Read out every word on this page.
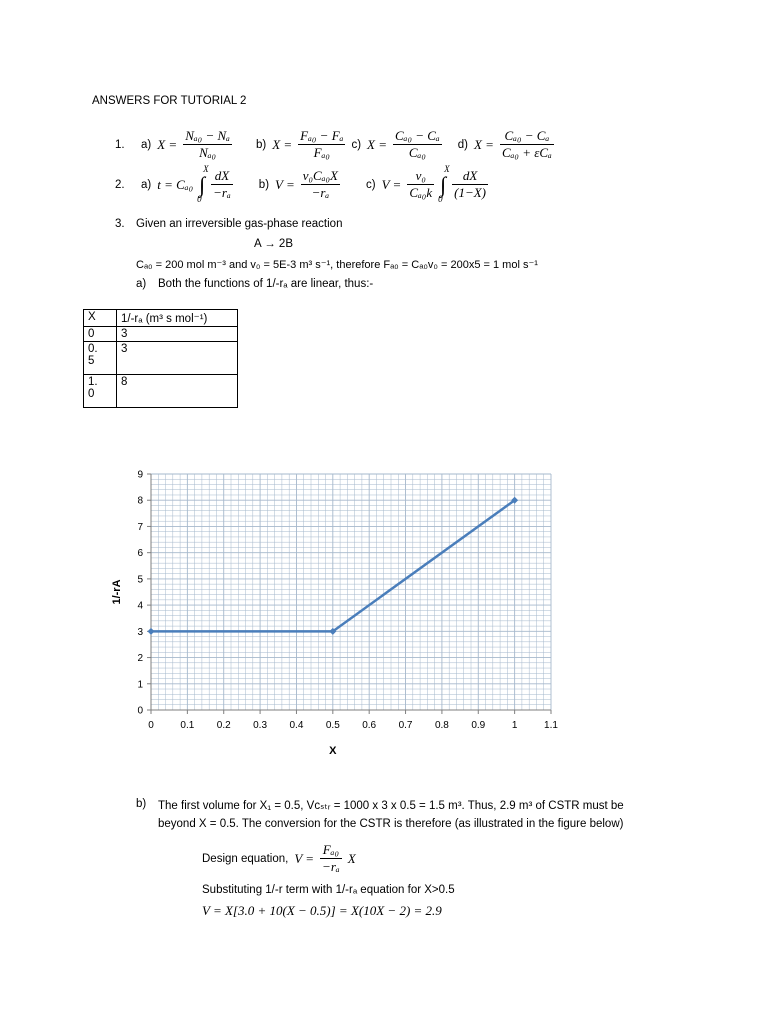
ANSWERS FOR TUTORIAL 2
1.	a) $X = \frac{\text{Nₐ₀ − Nₐ}}{\text{Nₐ₀}} b$) $X = \frac{\text{Fₐ₀ − Fₐ}}{\text{Fₐ₀}} c$) $X = \frac{\text{Cₐ₀ − Cₐ}}{\text{Cₐ₀}} d$) $X = \frac{\text{Cₐ₀ − Cₐ}}{\text{Cₐ₀ + εCₐ}}$
2.	a) t = Cₐ₀ ∫
X
$0 \frac{dX}{\text{−rₐ}} b$) $V = \frac{\text{v₀Cₐ₀X}}{\text{−rₐ}} c$) $V = \frac{\text{v₀}}{\text{Cₐ₀k}}$ ∫
X
$0 \frac{dX}{(1-X)}$
3. Given an irreversible gas-phase reaction
A → 2B
Cₐ₀ = 200 mol m⁻³ and v₀ = 5E-3 m³ s⁻¹, therefore Fₐ₀ = Cₐ₀v₀ = 200x5 = 1 mol s⁻¹
a) Both the functions of 1/-rₐ are linear, thus:-
X	1/-rₐ (m³ s mol⁻¹)
0	3
0.
5	3
1.
0	8
0	0.1 0.2 0.3 0.4 0.5 0.6 0.7 0.8 0.9	1	1.1
0
1
2
3
4
5
6
7
8
9
X
1/-rA
b) The first volume for X₁ = 0.5, Vᴄₛₜᵣ = 1000 x 3 x 0.5 = 1.5 m³. Thus, 2.9 m³ of CSTR must be
beyond X = 0.5. The conversion for the CSTR is therefore (as illustrated in the figure below)
Design equation, $V = \frac{\text{Fₐ₀}}{\text{−rₐ}}$ X
Substituting 1/-r term with 1/-rₐ equation for X>0.5
V = X[3.0 + 10(X − 0.5)] = X(10X − 2) = 2.9
